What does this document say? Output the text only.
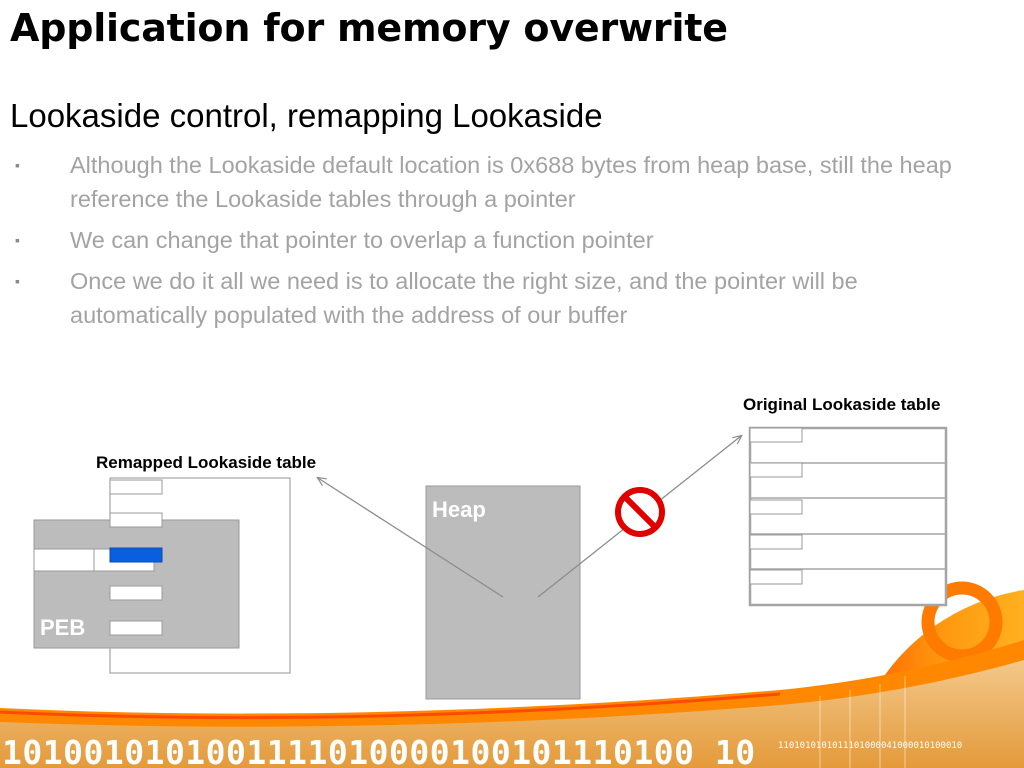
Application for memory overwrite
Lookaside control, remapping Lookaside
▪ Although the Lookaside default location is 0x688 bytes from heap base, still the heap reference the Lookaside tables through a pointer
▪ We can change that pointer to overlap a function pointer
▪ Once we do it all we need is to allocate the right size, and the pointer will be automatically populated with the address of our buffer
1010010101001111010000100101110100 10 1101010101011101000041000010100010
Remapped Lookaside table
PEB
Heap
Original Lookaside table
